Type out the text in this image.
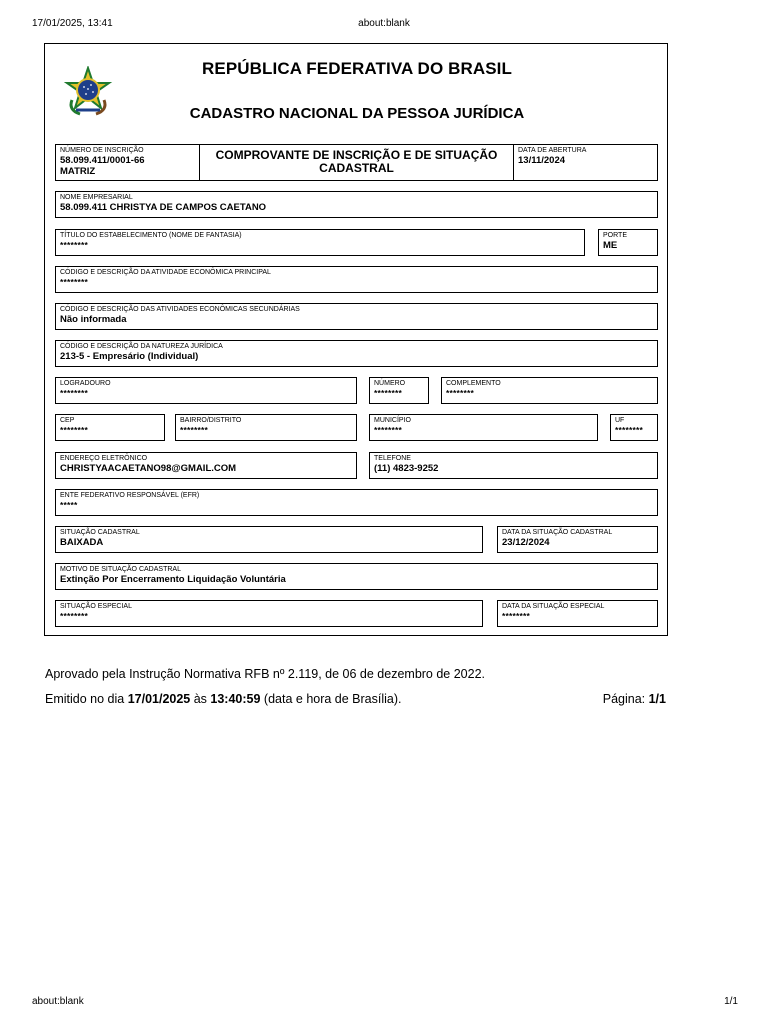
17/01/2025, 13:41	about:blank
REPÚBLICA FEDERATIVA DO BRASIL
CADASTRO NACIONAL DA PESSOA JURÍDICA
NÚMERO DE INSCRIÇÃO
58.099.411/0001-66
MATRIZ
COMPROVANTE DE INSCRIÇÃO E DE SITUAÇÃO CADASTRAL
DATA DE ABERTURA
13/11/2024
NOME EMPRESARIAL
58.099.411 CHRISTYA DE CAMPOS CAETANO
TÍTULO DO ESTABELECIMENTO (NOME DE FANTASIA)
********
PORTE
ME
CÓDIGO E DESCRIÇÃO DA ATIVIDADE ECONÔMICA PRINCIPAL
********
CÓDIGO E DESCRIÇÃO DAS ATIVIDADES ECONÔMICAS SECUNDÁRIAS
Não informada
CÓDIGO E DESCRIÇÃO DA NATUREZA JURÍDICA
213-5 - Empresário (Individual)
LOGRADOURO
********
NÚMERO
********
COMPLEMENTO
********
CEP
********
BAIRRO/DISTRITO
********
MUNICÍPIO
********
UF
********
ENDEREÇO ELETRÔNICO
CHRISTYAACAETANO98@GMAIL.COM
TELEFONE
(11) 4823-9252
ENTE FEDERATIVO RESPONSÁVEL (EFR)
*****
SITUAÇÃO CADASTRAL
BAIXADA
DATA DA SITUAÇÃO CADASTRAL
23/12/2024
MOTIVO DE SITUAÇÃO CADASTRAL
Extinção Por Encerramento Liquidação Voluntária
SITUAÇÃO ESPECIAL
********
DATA DA SITUAÇÃO ESPECIAL
********
Aprovado pela Instrução Normativa RFB nº 2.119, de 06 de dezembro de 2022.
Emitido no dia 17/01/2025 às 13:40:59 (data e hora de Brasília).	Página: 1/1
about:blank	1/1
